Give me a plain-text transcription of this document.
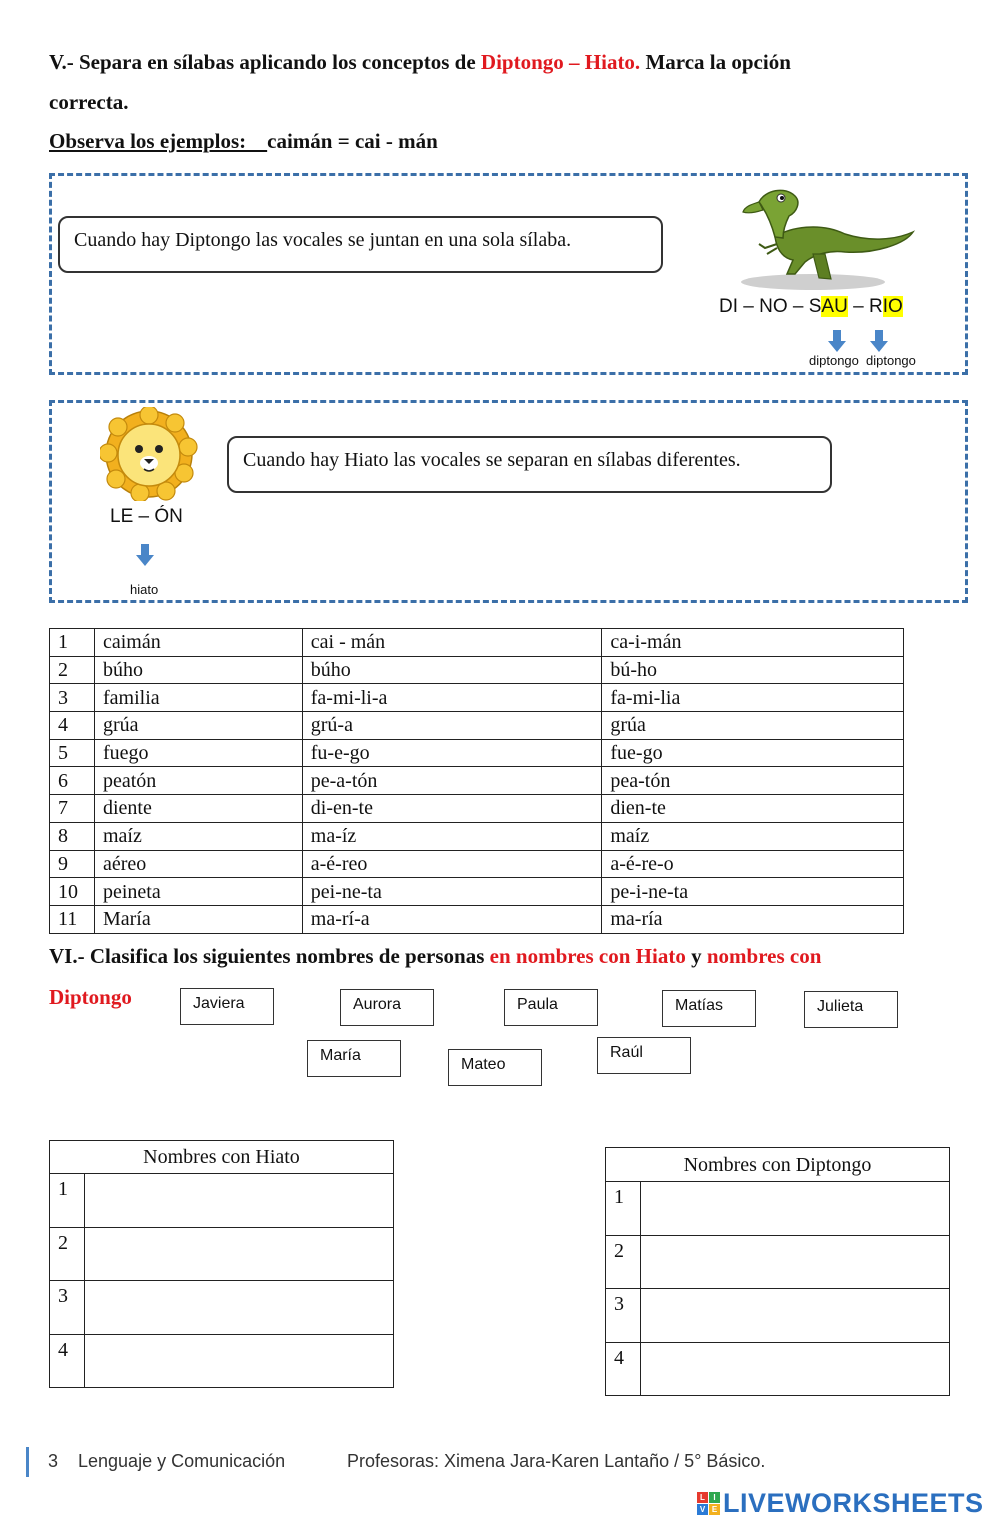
V.- Separa en sílabas aplicando los conceptos de Diptongo – Hiato. Marca la opción
correcta.
Observa los ejemplos:    caimán = cai - mán
Cuando hay Diptongo las vocales se juntan en una sola sílaba.
DI – NO – SAU – RIO
diptongo diptongo
LE – ÓN
hiato
Cuando hay Hiato las vocales se separan en sílabas diferentes.
1	caimán	cai - mán	ca-i-mán
2	búho	búho	bú-ho
3	familia	fa-mi-li-a	fa-mi-lia
4	grúa	grú-a	grúa
5	fuego	fu-e-go	fue-go
6	peatón	pe-a-tón	pea-tón
7	diente	di-en-te	dien-te
8	maíz	ma-íz	maíz
9	aéreo	a-é-reo	a-é-re-o
10	peineta	pei-ne-ta	pe-i-ne-ta
11	María	ma-rí-a	ma-ría
VI.- Clasifica los siguientes nombres de personas en nombres con Hiato y nombres con
Diptongo	Javiera	Aurora	Paula	Matías	Julieta
María
Mateo
Raúl
Nombres con Hiato	
1	
2	
3	
4	
Nombres con Diptongo	
1	
2	
3	
4	
3 Lenguaje y Comunicación	Profesoras: Ximena Jara-Karen Lantaño / 5° Básico.
L	I
V E LIVEWORKSHEETS
